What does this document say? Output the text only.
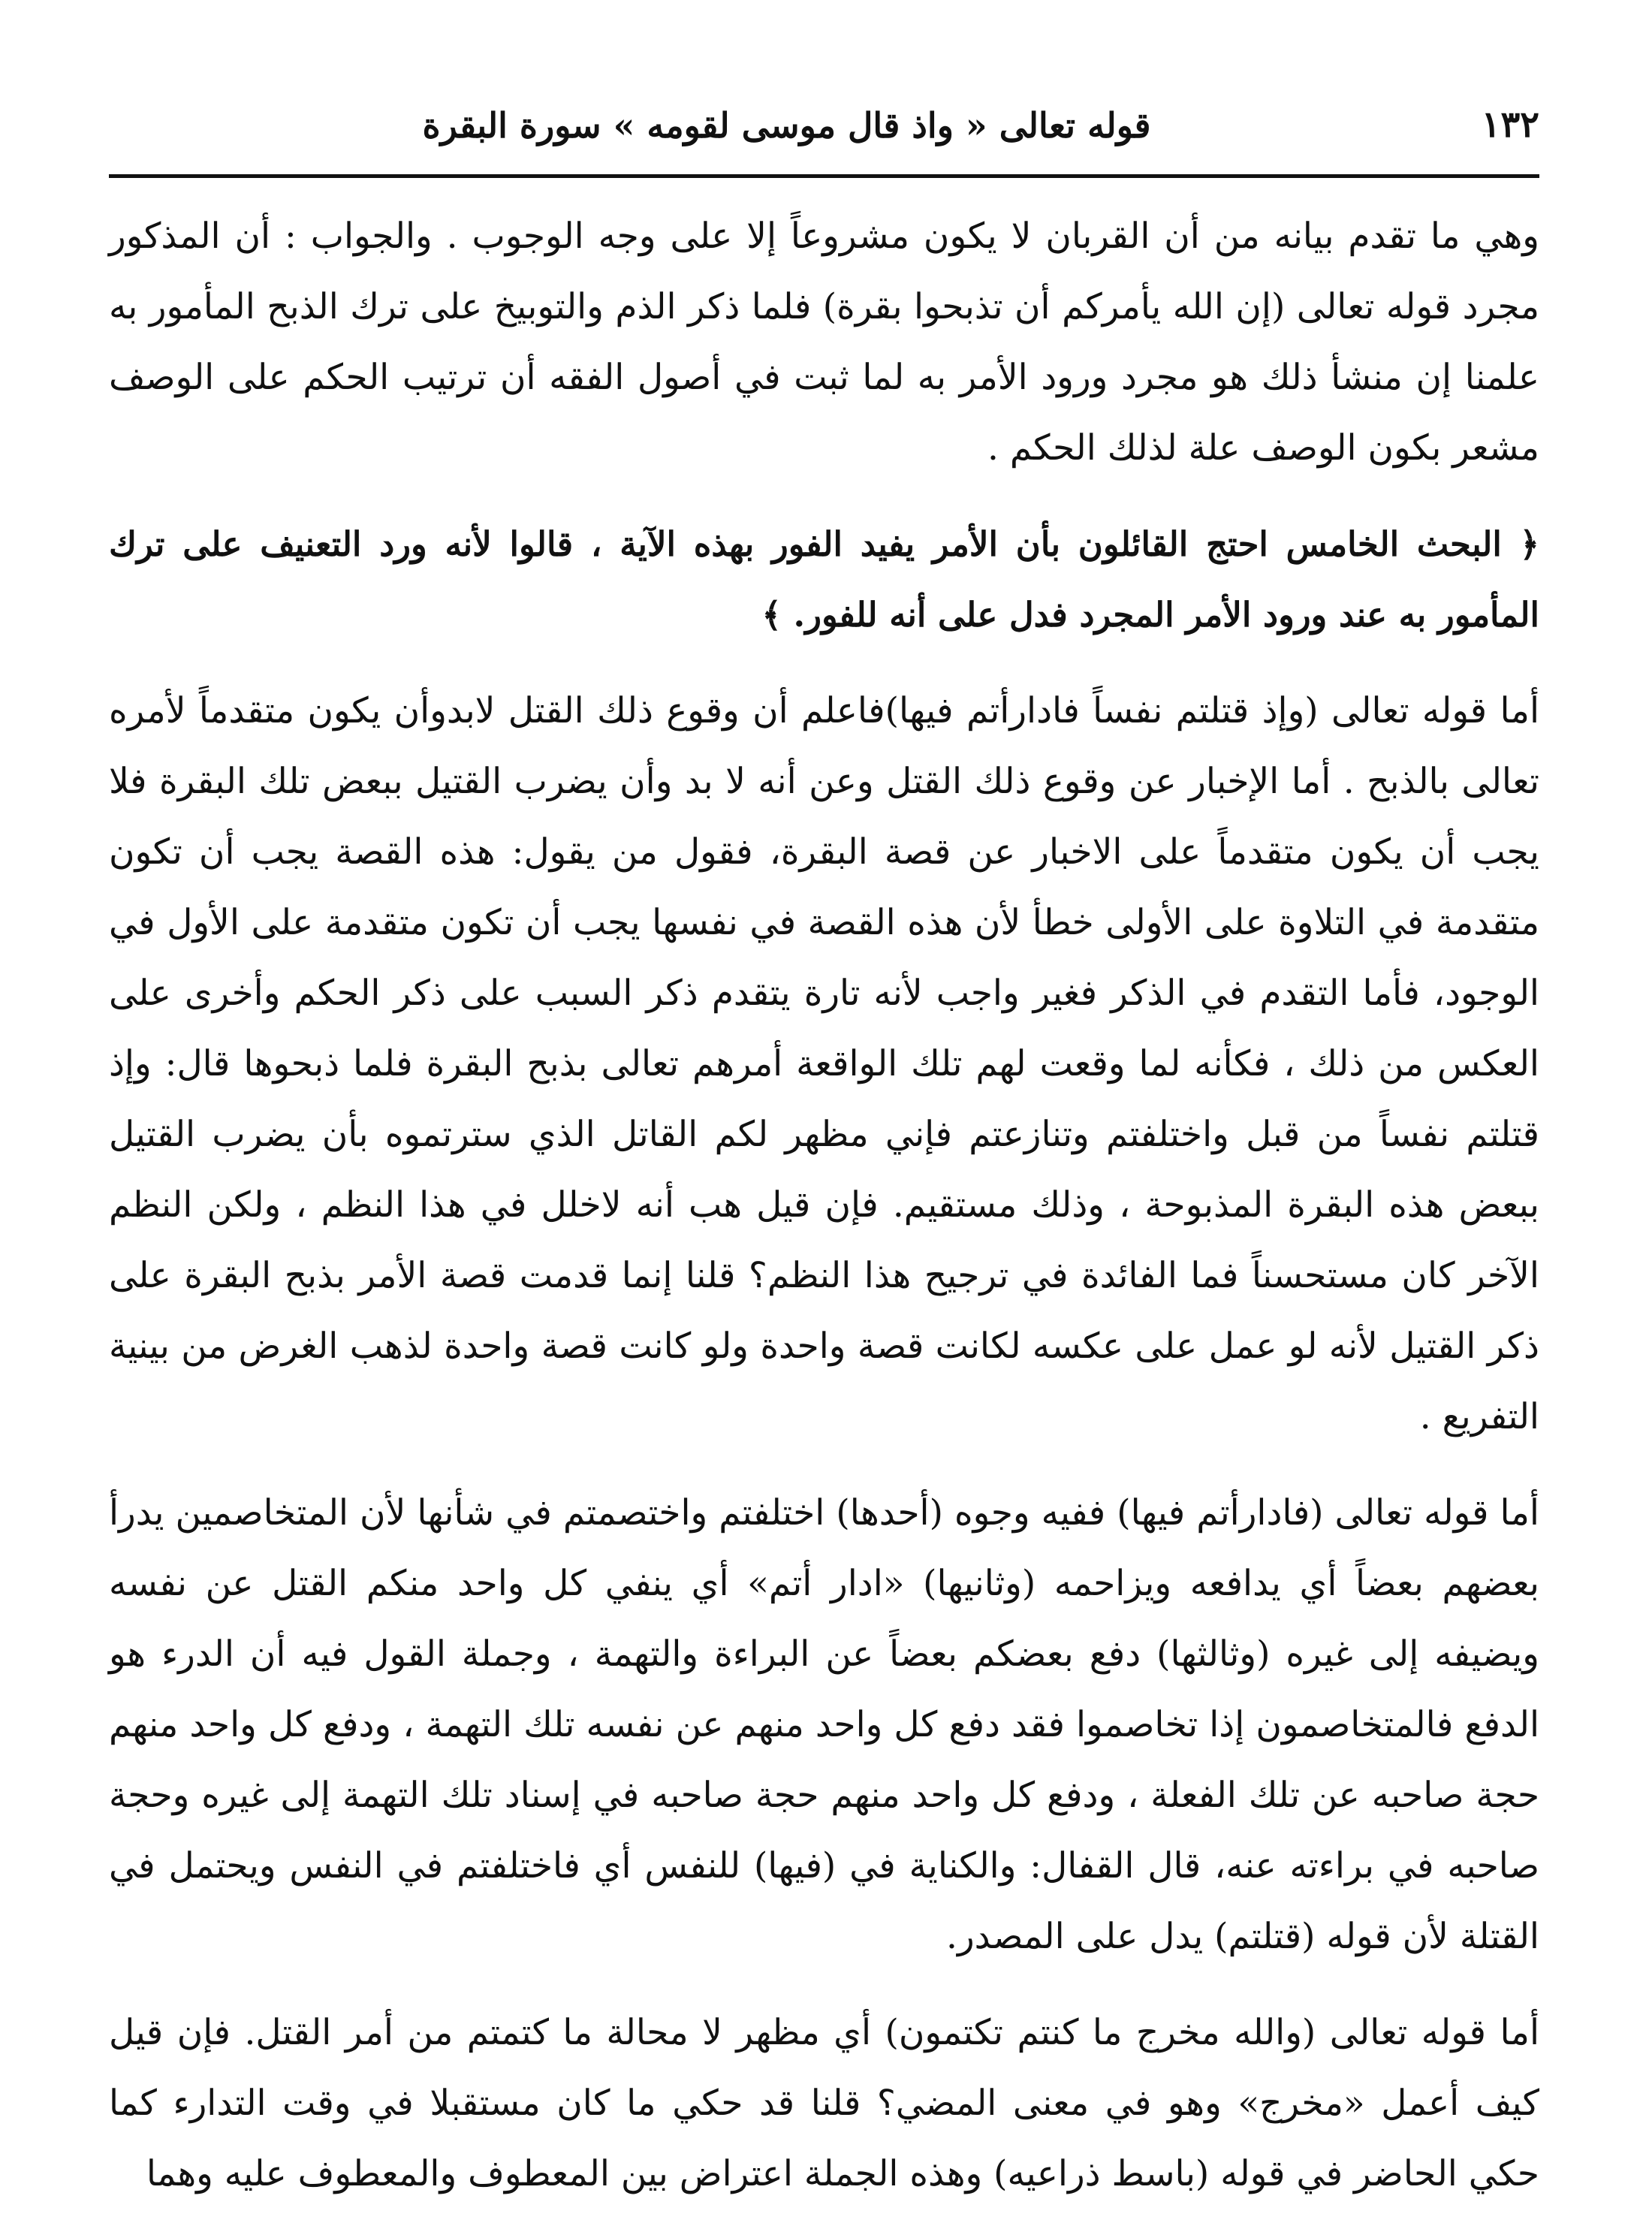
١٣٢
قوله تعالى « واذ قال موسى لقومه » سورة البقرة

وهي ما تقدم بيانه من أن القربان لا يكون مشروعاً إلا على وجه الوجوب . والجواب : أن المذكور مجرد قوله تعالى (إن الله يأمركم أن تذبحوا بقرة) فلما ذكر الذم والتوبيخ على ترك الذبح المأمور به علمنا إن منشأ ذلك هو مجرد ورود الأمر به لما ثبت في أصول الفقه أن ترتيب الحكم على الوصف مشعر بكون الوصف علة لذلك الحكم .

﴿ البحث الخامس احتج القائلون بأن الأمر يفيد الفور بهذه الآية ، قالوا لأنه ورد التعنيف على ترك المأمور به عند ورود الأمر المجرد فدل على أنه للفور. ﴾

أما قوله تعالى (وإذ قتلتم نفساً فادارأتم فيها)فاعلم أن وقوع ذلك القتل لابدوأن يكون متقدماً لأمره تعالى بالذبح . أما الإخبار عن وقوع ذلك القتل وعن أنه لا بد وأن يضرب القتيل ببعض تلك البقرة فلا يجب أن يكون متقدماً على الاخبار عن قصة البقرة، فقول من يقول: هذه القصة يجب أن تكون متقدمة في التلاوة على الأولى خطأ لأن هذه القصة في نفسها يجب أن تكون متقدمة على الأول في الوجود، فأما التقدم في الذكر فغير واجب لأنه تارة يتقدم ذكر السبب على ذكر الحكم وأخرى على العكس من ذلك ، فكأنه لما وقعت لهم تلك الواقعة أمرهم تعالى بذبح البقرة فلما ذبحوها قال: وإذ قتلتم نفساً من قبل واختلفتم وتنازعتم فإني مظهر لكم القاتل الذي سترتموه بأن يضرب القتيل ببعض هذه البقرة المذبوحة ، وذلك مستقيم. فإن قيل هب أنه لاخلل في هذا النظم ، ولكن النظم الآخر كان مستحسناً فما الفائدة في ترجيح هذا النظم؟ قلنا إنما قدمت قصة الأمر بذبح البقرة على ذكر القتيل لأنه لو عمل على عكسه لكانت قصة واحدة ولو كانت قصة واحدة لذهب الغرض من بينية التفريع .

أما قوله تعالى (فادارأتم فيها) ففيه وجوه (أحدها) اختلفتم واختصمتم في شأنها لأن المتخاصمين يدرأ بعضهم بعضاً أي يدافعه ويزاحمه (وثانيها) «ادار أتم» أي ينفي كل واحد منكم القتل عن نفسه ويضيفه إلى غيره (وثالثها) دفع بعضكم بعضاً عن البراءة والتهمة ، وجملة القول فيه أن الدرء هو الدفع فالمتخاصمون إذا تخاصموا فقد دفع كل واحد منهم عن نفسه تلك التهمة ، ودفع كل واحد منهم حجة صاحبه عن تلك الفعلة ، ودفع كل واحد منهم حجة صاحبه في إسناد تلك التهمة إلى غيره وحجة صاحبه في براءته عنه، قال القفال: والكناية في (فيها) للنفس أي فاختلفتم في النفس ويحتمل في القتلة لأن قوله (قتلتم) يدل على المصدر.

أما قوله تعالى (والله مخرج ما كنتم تكتمون) أي مظهر لا محالة ما كتمتم من أمر القتل. فإن قيل كيف أعمل «مخرج» وهو في معنى المضي؟ قلنا قد حكي ما كان مستقبلا في وقت التدارء كما حكي الحاضر في قوله (باسط ذراعيه) وهذه الجملة اعتراض بين المعطوف والمعطوف عليه وهما
